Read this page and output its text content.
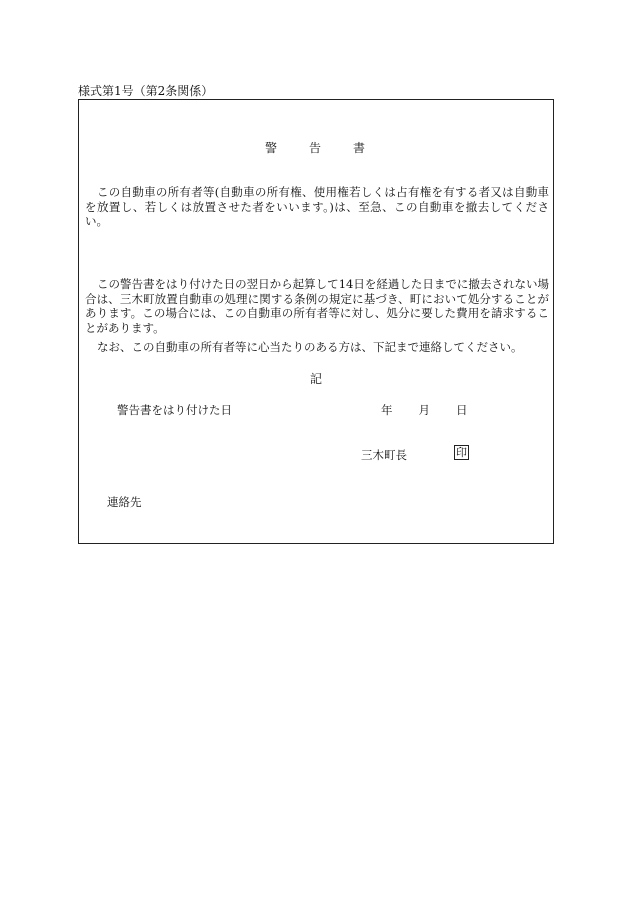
様式第1号（第2条関係）
警	告	書

この自動車の所有者等(自動車の所有権、使用権若しくは占有権を有する者又は自動車を放置し、若しくは放置させた者をいいます。)は、至急、この自動車を撤去してください。

この警告書をはり付けた日の翌日から起算して14日を経過した日までに撤去されない場合は、三木町放置自動車の処理に関する条例の規定に基づき、町において処分することがあります。この場合には、この自動車の所有者等に対し、処分に要した費用を請求することがあります。

なお、この自動車の所有者等に心当たりのある方は、下記まで連絡してください。

記
警告書をはり付けた日	年 月 日
三木町長	印
連絡先
